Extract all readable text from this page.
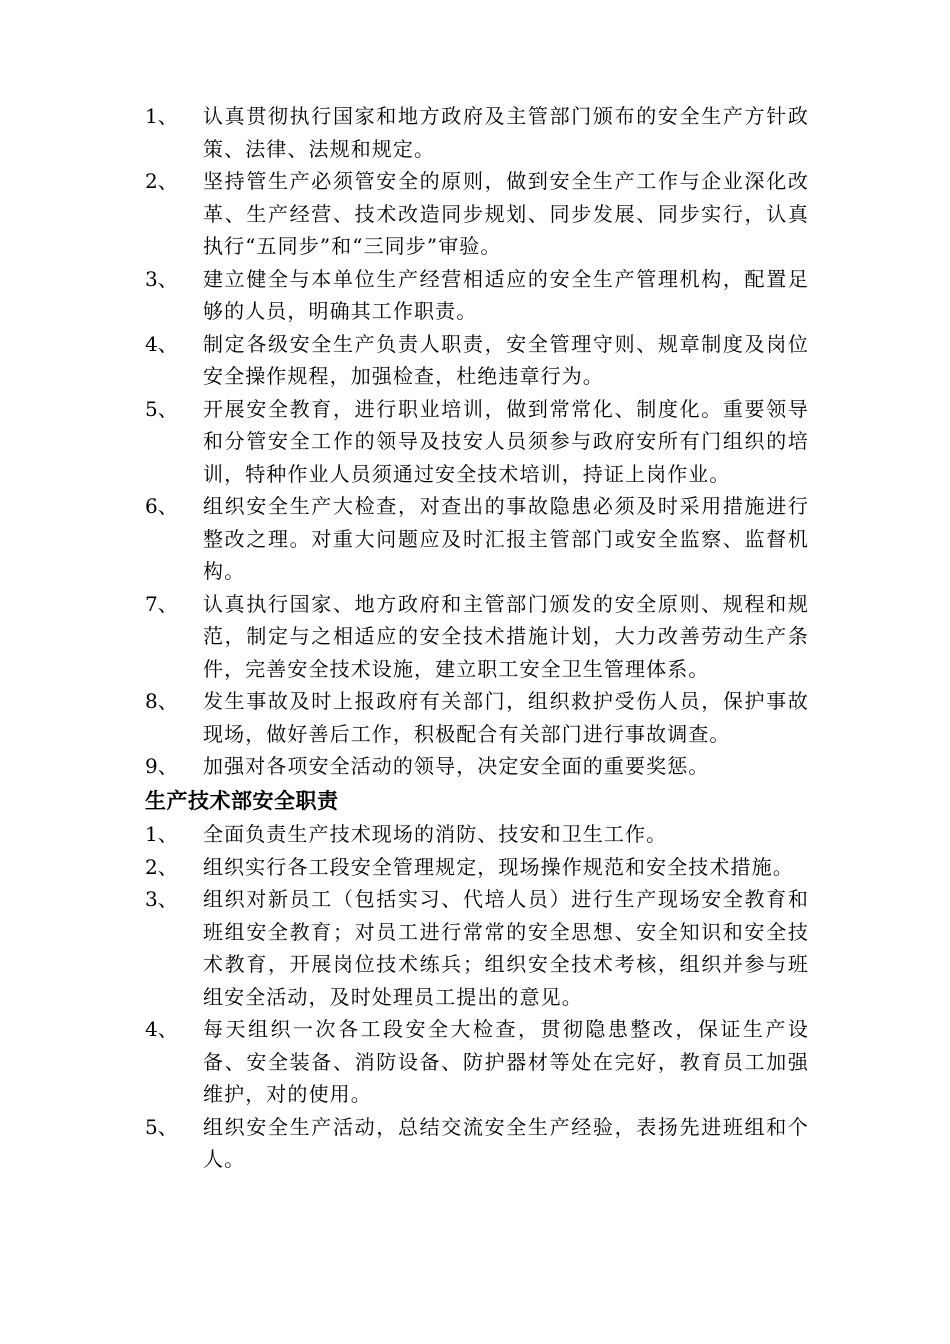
1、	认真贯彻执行国家和地方政府及主管部门颁布的安全生产方针政策、法律、法规和规定。
2、	坚持管生产必须管安全的原则，做到安全生产工作与企业深化改革、生产经营、技术改造同步规划、同步发展、同步实行，认真执行“五同步”和“三同步”审验。
3、	建立健全与本单位生产经营相适应的安全生产管理机构，配置足够的人员，明确其工作职责。
4、	制定各级安全生产负责人职责，安全管理守则、规章制度及岗位安全操作规程，加强检查，杜绝违章行为。
5、	开展安全教育，进行职业培训，做到常常化、制度化。重要领导和分管安全工作的领导及技安人员须参与政府安所有门组织的培训，特种作业人员须通过安全技术培训，持证上岗作业。
6、	组织安全生产大检查，对查出的事故隐患必须及时采用措施进行整改之理。对重大问题应及时汇报主管部门或安全监察、监督机构。
7、	认真执行国家、地方政府和主管部门颁发的安全原则、规程和规范，制定与之相适应的安全技术措施计划，大力改善劳动生产条件，完善安全技术设施，建立职工安全卫生管理体系。
8、	发生事故及时上报政府有关部门，组织救护受伤人员，保护事故现场，做好善后工作，积极配合有关部门进行事故调查。
9、	加强对各项安全活动的领导，决定安全面的重要奖惩。
生产技术部安全职责
1、	全面负责生产技术现场的消防、技安和卫生工作。
2、	组织实行各工段安全管理规定，现场操作规范和安全技术措施。
3、	组织对新员工（包括实习、代培人员）进行生产现场安全教育和班组安全教育；对员工进行常常的安全思想、安全知识和安全技术教育，开展岗位技术练兵；组织安全技术考核，组织并参与班组安全活动，及时处理员工提出的意见。
4、	每天组织一次各工段安全大检查，贯彻隐患整改，保证生产设备、安全装备、消防设备、防护器材等处在完好，教育员工加强维护，对的使用。
5、	组织安全生产活动，总结交流安全生产经验，表扬先进班组和个人。
